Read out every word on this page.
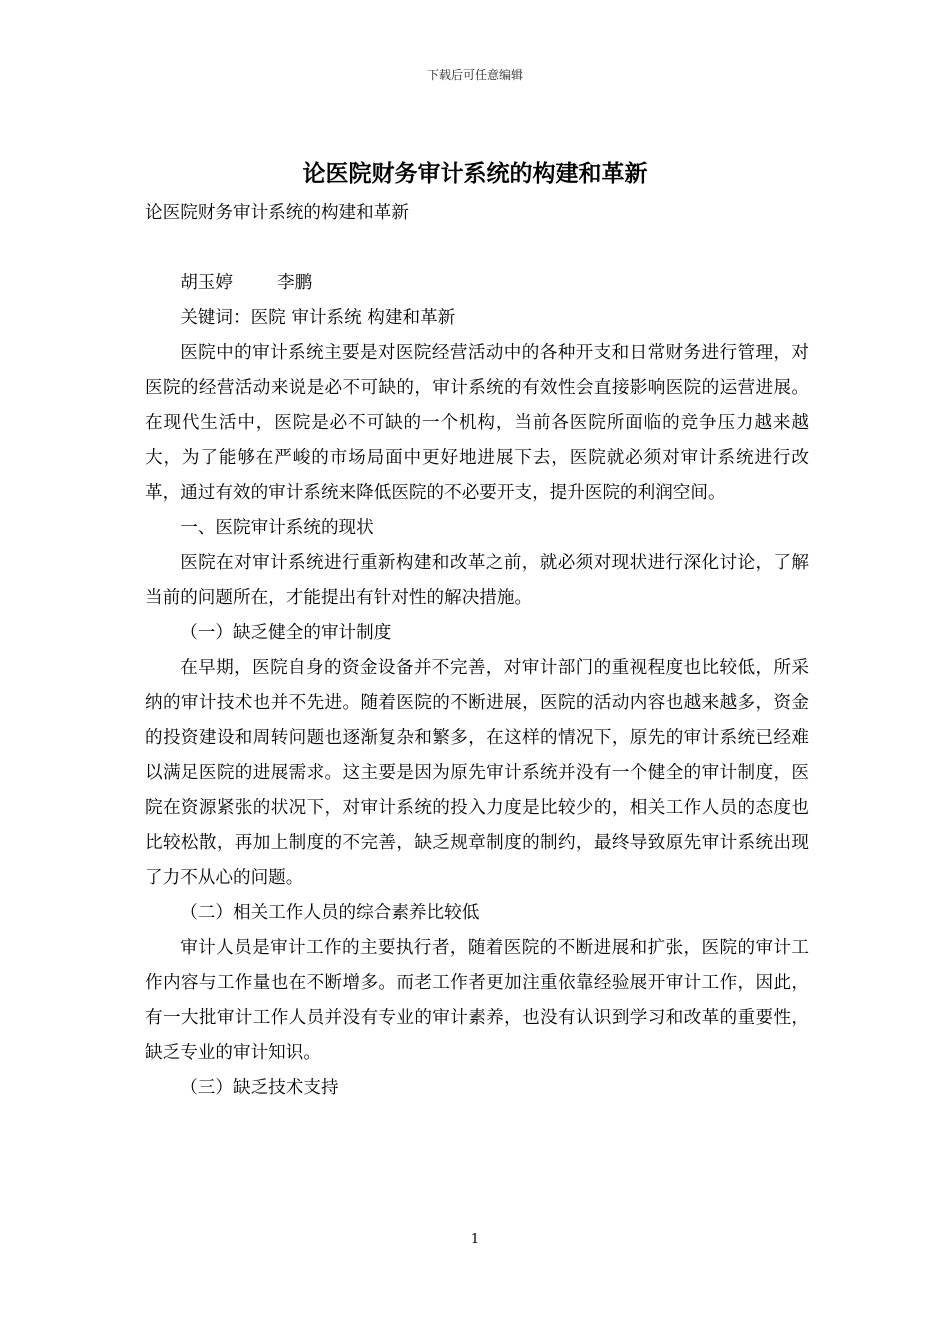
下载后可任意编辑
论医院财务审计系统的构建和革新

论医院财务审计系统的构建和革新

胡玉婷	李鹏

关键词：医院 审计系统 构建和革新

医院中的审计系统主要是对医院经营活动中的各种开支和日常财务进行管理，对医院的经营活动来说是必不可缺的，审计系统的有效性会直接影响医院的运营进展。在现代生活中，医院是必不可缺的一个机构，当前各医院所面临的竞争压力越来越大，为了能够在严峻的市场局面中更好地进展下去，医院就必须对审计系统进行改革，通过有效的审计系统来降低医院的不必要开支，提升医院的利润空间。

一、医院审计系统的现状

医院在对审计系统进行重新构建和改革之前，就必须对现状进行深化讨论，了解当前的问题所在，才能提出有针对性的解决措施。

（一）缺乏健全的审计制度

在早期，医院自身的资金设备并不完善，对审计部门的重视程度也比较低，所采纳的审计技术也并不先进。随着医院的不断进展，医院的活动内容也越来越多，资金的投资建设和周转问题也逐渐复杂和繁多，在这样的情况下，原先的审计系统已经难以满足医院的进展需求。这主要是因为原先审计系统并没有一个健全的审计制度，医院在资源紧张的状况下，对审计系统的投入力度是比较少的，相关工作人员的态度也比较松散，再加上制度的不完善，缺乏规章制度的制约，最终导致原先审计系统出现了力不从心的问题。

（二）相关工作人员的综合素养比较低

审计人员是审计工作的主要执行者，随着医院的不断进展和扩张，医院的审计工作内容与工作量也在不断增多。而老工作者更加注重依靠经验展开审计工作，因此，有一大批审计工作人员并没有专业的审计素养，也没有认识到学习和改革的重要性，缺乏专业的审计知识。

（三）缺乏技术支持

1
